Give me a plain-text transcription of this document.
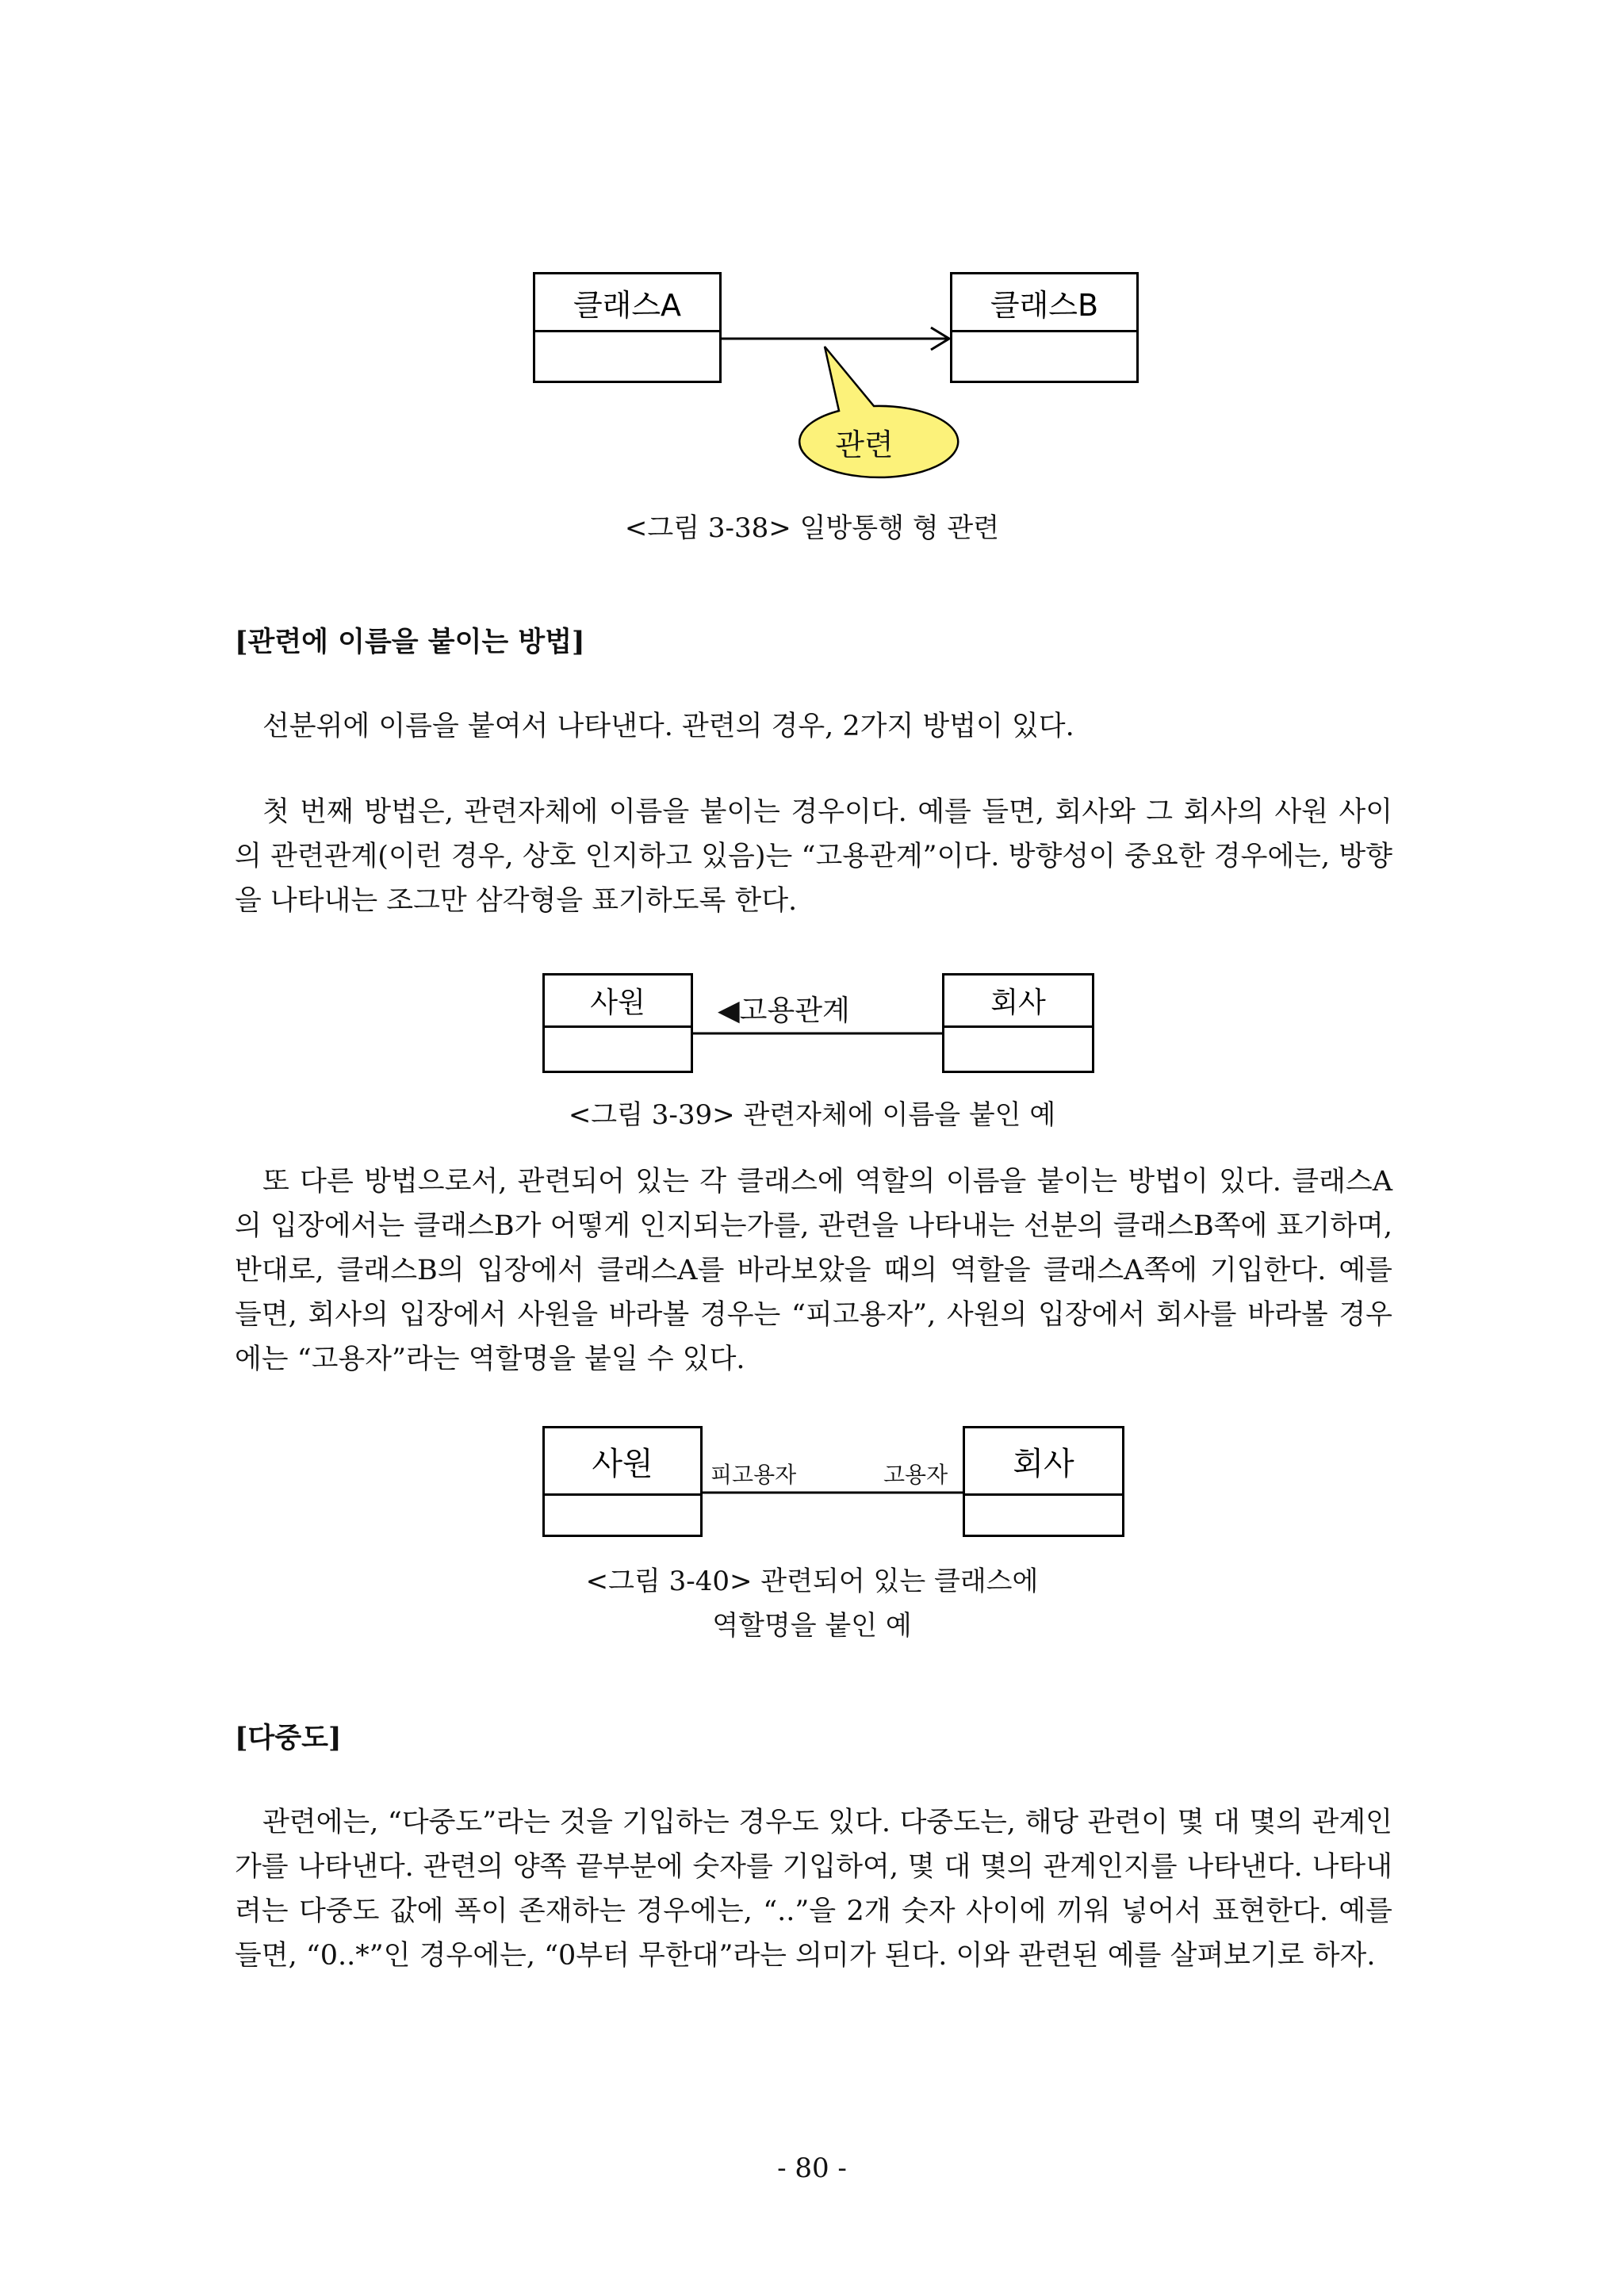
클래스A	클래스B
관련
<그림 3-38> 일방통행 형 관련
[관련에 이름을 붙이는 방법]

선분위에 이름을 붙여서 나타낸다. 관련의 경우, 2가지 방법이 있다.

첫 번째 방법은, 관련자체에 이름을 붙이는 경우이다. 예를 들면, 회사와 그 회사의 사원 사이의 관련관계(이런 경우, 상호 인지하고 있음)는 “고용관계”이다. 방향성이 중요한 경우에는, 방향을 나타내는 조그만 삼각형을 표기하도록 한다.

사원	회사
◀고용관계
<그림 3-39> 관련자체에 이름을 붙인 예

또 다른 방법으로서, 관련되어 있는 각 클래스에 역할의 이름을 붙이는 방법이 있다. 클래스A의 입장에서는 클래스B가 어떻게 인지되는가를, 관련을 나타내는 선분의 클래스B쪽에 표기하며, 반대로, 클래스B의 입장에서 클래스A를 바라보았을 때의 역할을 클래스A쪽에 기입한다. 예를 들면, 회사의 입장에서 사원을 바라볼 경우는 “피고용자”, 사원의 입장에서 회사를 바라볼 경우에는 “고용자”라는 역할명을 붙일 수 있다.

사원	회사
피고용자	고용자
<그림 3-40> 관련되어 있는 클래스에
역할명을 붙인 예
[다중도]

관련에는, “다중도”라는 것을 기입하는 경우도 있다. 다중도는, 해당 관련이 몇 대 몇의 관계인가를 나타낸다. 관련의 양쪽 끝부분에 숫자를 기입하여, 몇 대 몇의 관계인지를 나타낸다. 나타내려는 다중도 값에 폭이 존재하는 경우에는, “..”을 2개 숫자 사이에 끼워 넣어서 표현한다. 예를 들면, “0..*”인 경우에는, “0부터 무한대”라는 의미가 된다. 이와 관련된 예를 살펴보기로 하자.

- 80 -
